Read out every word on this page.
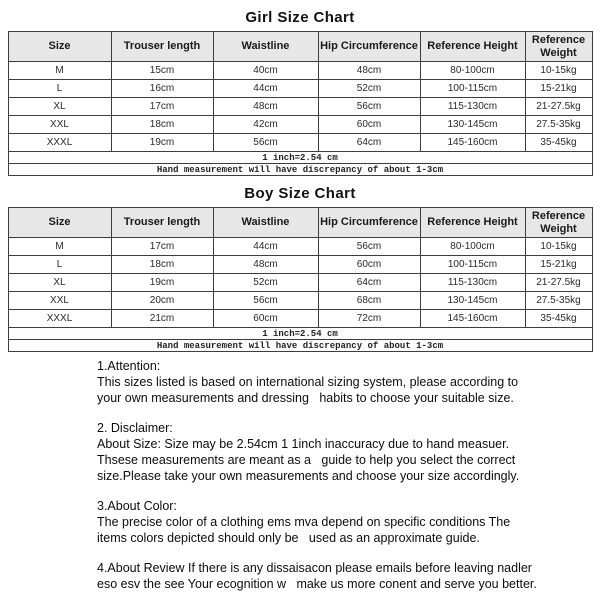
Girl Size Chart
Size	Trouser length	Waistline	Hip Circumference	Reference Height	Reference Weight
M	15cm	40cm	48cm	80-100cm	10-15kg
L	16cm	44cm	52cm	100-115cm	15-21kg
XL	17cm	48cm	56cm	115-130cm	21-27.5kg
XXL	18cm	42cm	60cm	130-145cm	27.5-35kg
XXXL	19cm	56cm	64cm	145-160cm	35-45kg
1 inch=2.54 cm					
Hand measurement will have discrepancy of about 1-3cm					
Boy Size Chart
Size	Trouser length	Waistline	Hip Circumference	Reference Height	Reference Weight
M	17cm	44cm	56cm	80-100cm	10-15kg
L	18cm	48cm	60cm	100-115cm	15-21kg
XL	19cm	52cm	64cm	115-130cm	21-27.5kg
XXL	20cm	56cm	68cm	130-145cm	27.5-35kg
XXXL	21cm	60cm	72cm	145-160cm	35-45kg
1 inch=2.54 cm					
Hand measurement will have discrepancy of about 1-3cm					
1.Attention:
This sizes listed is based on international sizing system, please according to
your own measurements and dressing   habits to choose your suitable size.
2. Disclaimer:
About Size: Size may be 2.54cm 1 1inch inaccuracy due to hand measuer.
Thsese measurements are meant as a   guide to help you select the correct
size.Please take your own measurements and choose your size accordingly.
3.About Color:
The precise color of a clothing ems mva depend on specific conditions The
items colors depicted should only be   used as an approximate guide.
4.About Review If there is any dissaisacon please emails before leaving nadler
eso esv the see Your ecognition w   make us more conent and serve you better.
